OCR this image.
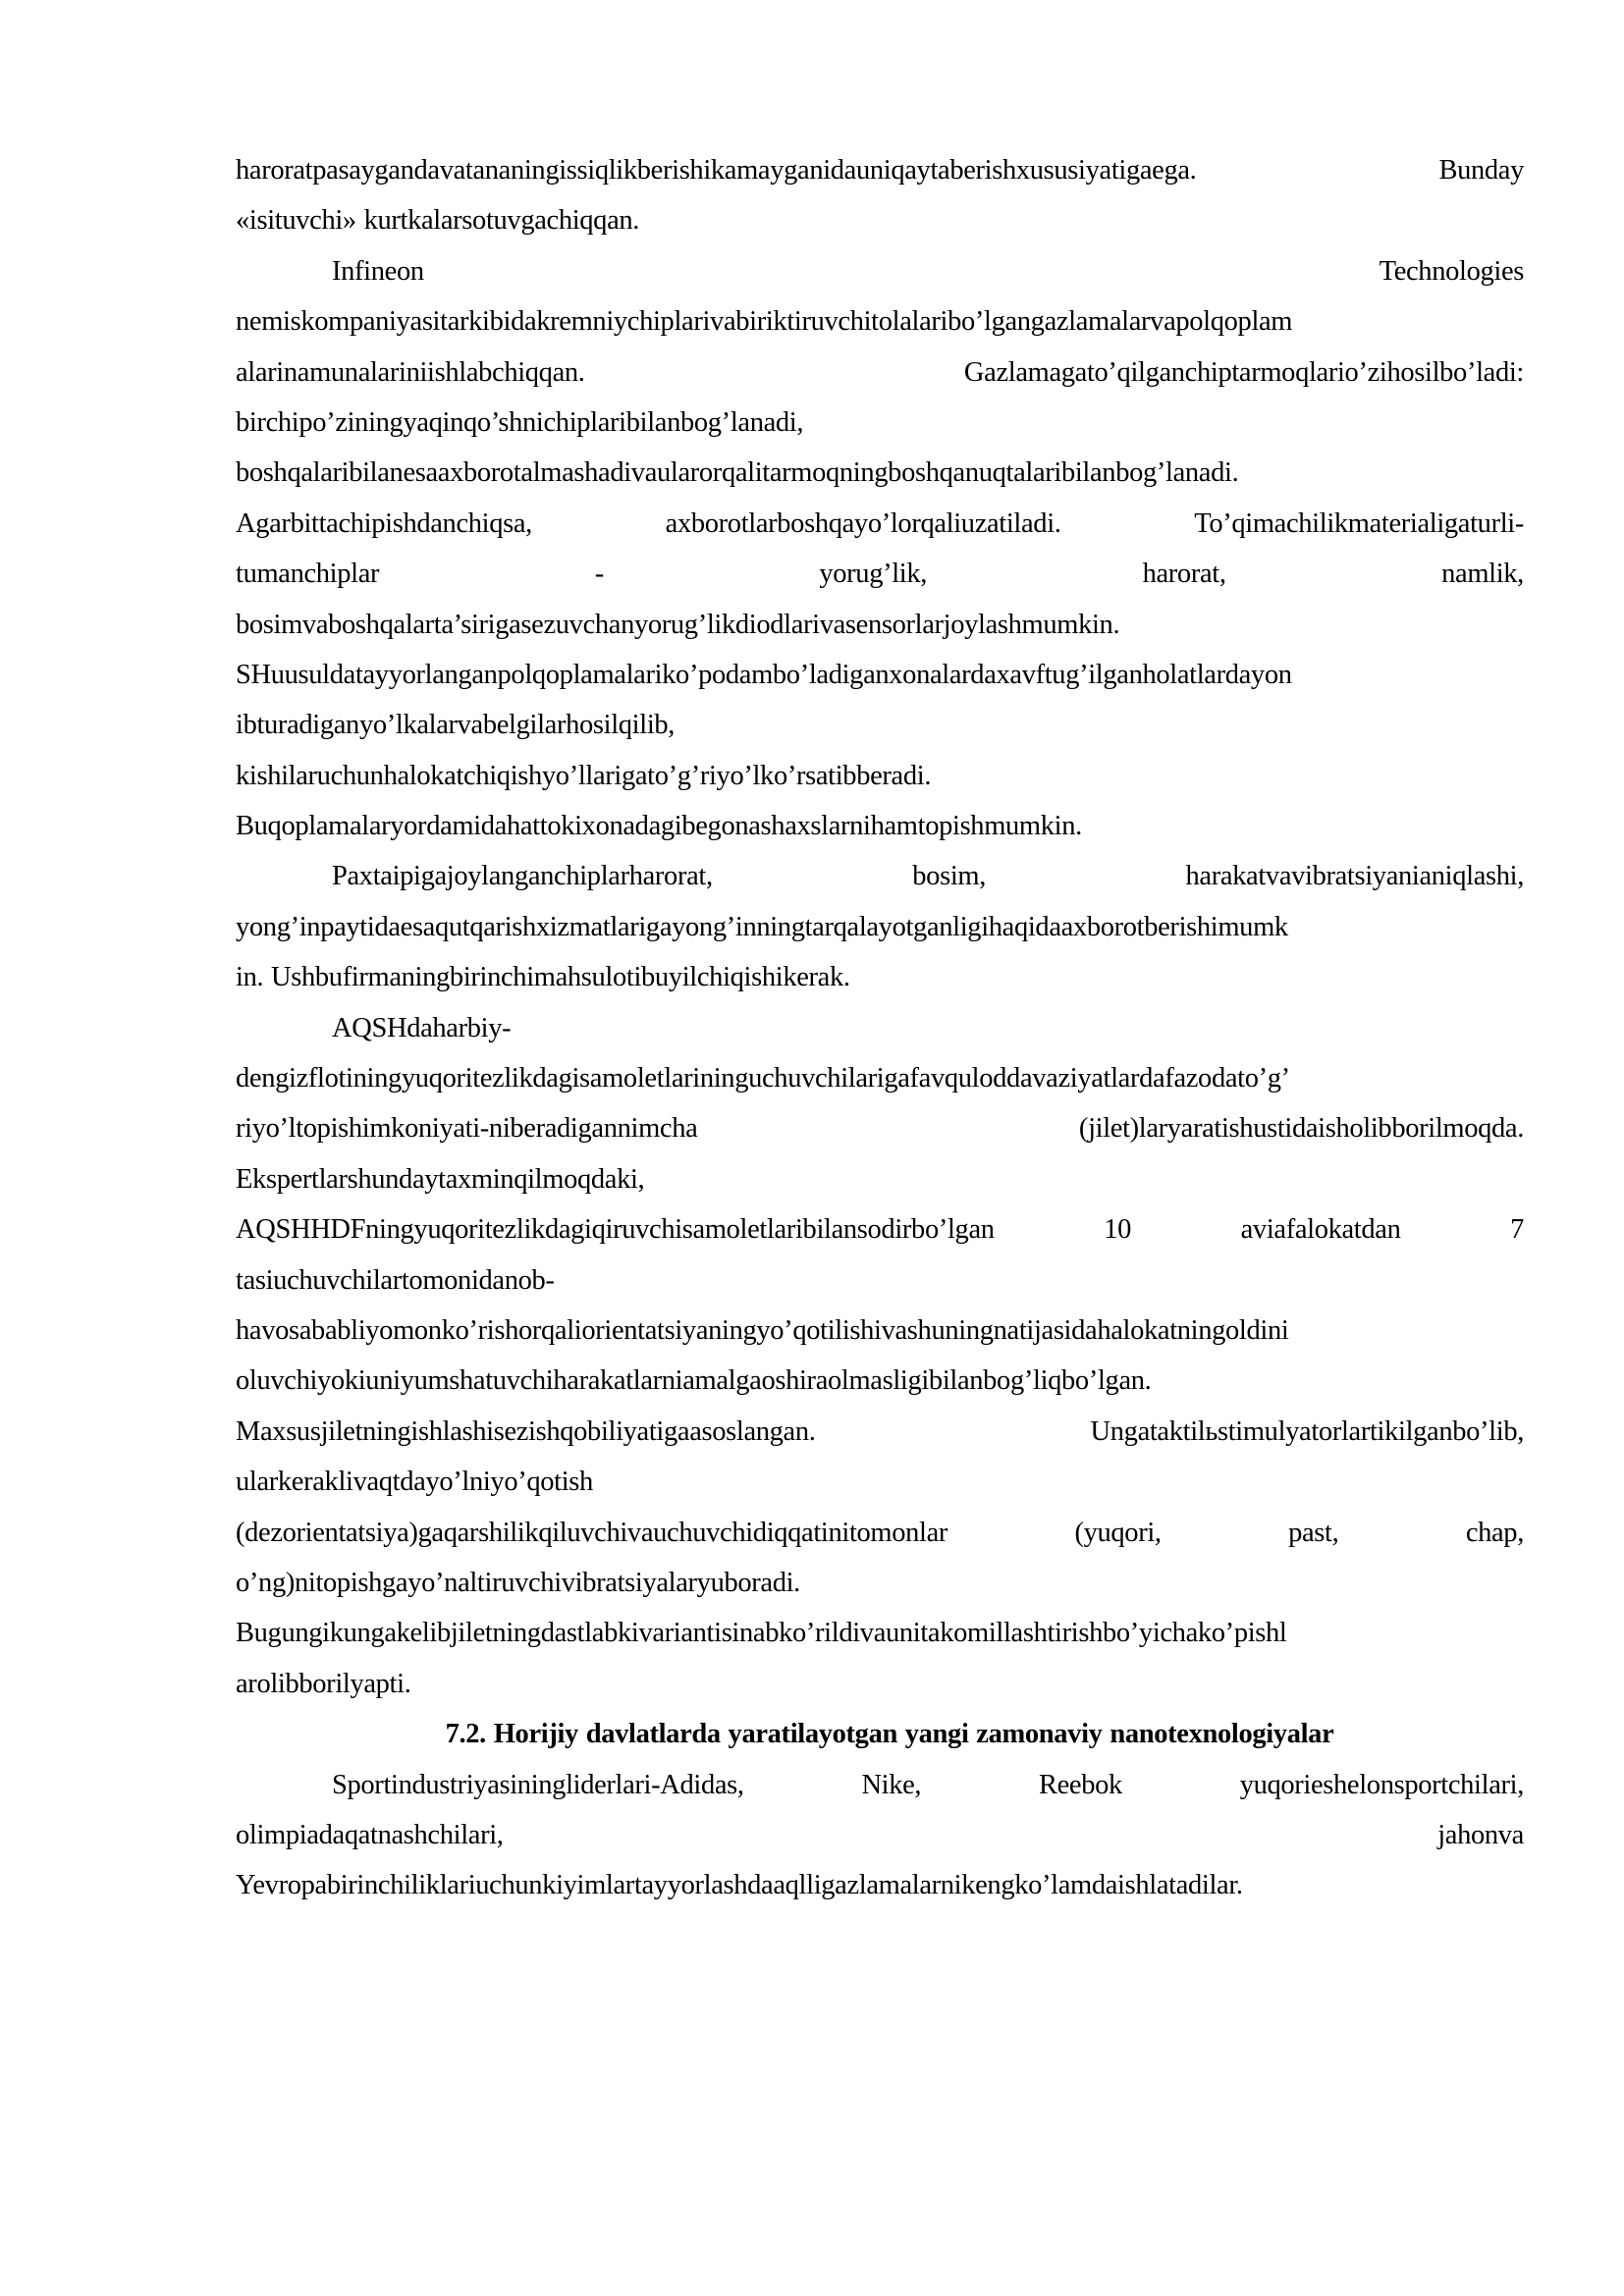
haroratpasaygandavatananingissiqlikberishikamayganidauniqaytaberishxususiyatigaega.	Bunday
«isituvchi» kurtkalarsotuvgachiqqan.
Infineon	Technologies
nemiskompaniyasitarkibidakremniychiplarivabiriktiruvchitolalaribo’lgangazlamalarvapolqoplam
alarinamunalariniishlabchiqqan.	Gazlamagato’qilganchiptarmoqlario’zihosilbo’ladi:
birchipo’ziningyaqinqo’shnichiplaribilanbog’lanadi,
boshqalaribilanesaaxborotalmashadivaularorqalitarmoqningboshqanuqtalaribilanbog’lanadi.
Agarbittachipishdanchiqsa,	axborotlarboshqayo’lorqaliuzatiladi.	To’qimachilikmaterialigaturli-
tumanchiplar	-	yorug’lik,	harorat,	namlik,
bosimvaboshqalarta’sirigasezuvchanyorug’likdiodlarivasensorlarjoylashmumkin.
SHuusuldatayyorlanganpolqoplamalariko’podambo’ladiganxonalardaxavftug’ilganholatlardayon
ibturadiganyo’lkalarvabelgilarhosilqilib,
kishilaruchunhalokatchiqishyo’llarigato’g’riyo’lko’rsatibberadi.
Buqoplamalaryordamidahattokixonadagibegonashaxslarnihamtopishmumkin.
Paxtaipigajoylanganchiplarharorat,	bosim,	harakatvavibratsiyanianiqlashi,
yong’inpaytidaesaqutqarishxizmatlarigayong’inningtarqalayotganligihaqidaaxborotberishimumk
in. Ushbufirmaningbirinchimahsulotibuyilchiqishikerak.
AQSHdaharbiy-
dengizflotiningyuqoritezlikdagisamoletlarininguchuvchilarigafavquloddavaziyatlardafazodato’g’
riyo’ltopishimkoniyati-niberadigannimcha	(jilet)laryaratishustidaisholibborilmoqda.
Ekspertlarshundaytaxminqilmoqdaki,
AQSHHDFningyuqoritezlikdagiqiruvchisamoletlaribilansodirbo’lgan	10	aviafalokatdan	7
tasiuchuvchilartomonidanob-
havosababliyomonko’rishorqaliorientatsiyaningyo’qotilishivashuningnatijasidahalokatningoldini
oluvchiyokiuniyumshatuvchiharakatlarniamalgaoshiraolmasligibilanbog’liqbo’lgan.
Maxsusjiletningishlashisezishqobiliyatigaasoslangan.	Ungataktilьstimulyatorlartikilganbo’lib,
ularkeraklivaqtdayo’lniyo’qotish
(dezorientatsiya)gaqarshilikqiluvchivauchuvchidiqqatinitomonlar	(yuqori,	past,	chap,
o’ng)nitopishgayo’naltiruvchivibratsiyalaryuboradi.
Bugungikungakelibjiletningdastlabkivariantisinabko’rildivaunitakomillashtirishbo’yichako’pishl
arolibborilyapti.
7.2. Horijiy davlatlarda yaratilayotgan yangi zamonaviy nanotexnologiyalar
Sportindustriyasiningliderlari-Adidas,	Nike,	Reebok	yuqorieshelonsportchilari,
olimpiadaqatnashchilari,	jahonva
Yevropabirinchiliklariuchunkiyimlartayyorlashdaaqlligazlamalarnikengko’lamdaishlatadilar.
